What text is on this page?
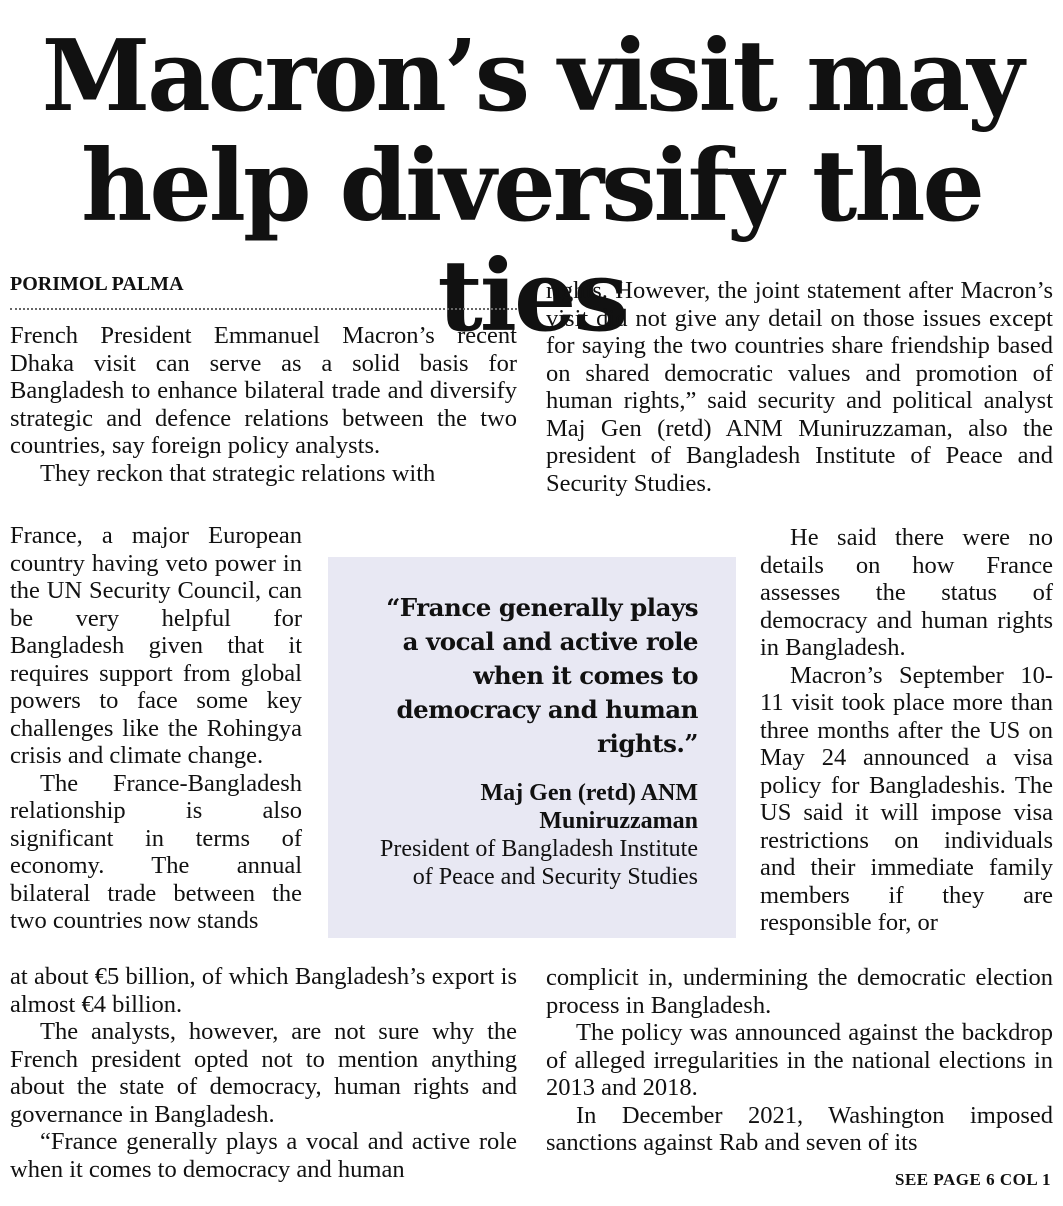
Macron’s visit may
help diversify the ties
PORIMOL PALMA

French President Emmanuel Macron’s recent Dhaka visit can serve as a solid basis for Bangladesh to enhance bilateral trade and diversify strategic and defence relations between the two countries, say foreign policy analysts.

They reckon that strategic relations with

France, a major European country having veto power in the UN Security Council, can be very helpful for Bangladesh given that it requires support from global powers to face some key challenges like the Rohingya crisis and climate change.

The France-Bangladesh relationship is also significant in terms of economy. The annual bilateral trade between the two countries now stands

at about €5 billion, of which Bangladesh’s export is almost €4 billion.

The analysts, however, are not sure why the French president opted not to mention anything about the state of democracy, human rights and governance in Bangladesh.

“France generally plays a vocal and active role when it comes to democracy and human

rights. However, the joint statement after Macron’s visit did not give any detail on those issues except for saying the two countries share friendship based on shared democratic values and promotion of human rights,” said security and political analyst Maj Gen (retd) ANM Muniruzzaman, also the president of Bangladesh Institute of Peace and Security Studies.

He said there were no details on how France assesses the status of democracy and human rights in Bangladesh.

Macron’s September 10-11 visit took place more than three months after the US on May 24 announced a visa policy for Bangladeshis. The US said it will impose visa restrictions on individuals and their immediate family members if they are responsible for, or

complicit in, undermining the democratic election process in Bangladesh.

The policy was announced against the backdrop of alleged irregularities in the national elections in 2013 and 2018.

In December 2021, Washington imposed sanctions against Rab and seven of its

“France generally plays a vocal and active role when it comes to democracy and human rights.”
Maj Gen (retd) ANM Muniruzzaman
President of Bangladesh Institute of Peace and Security Studies
SEE PAGE 6 COL 1
